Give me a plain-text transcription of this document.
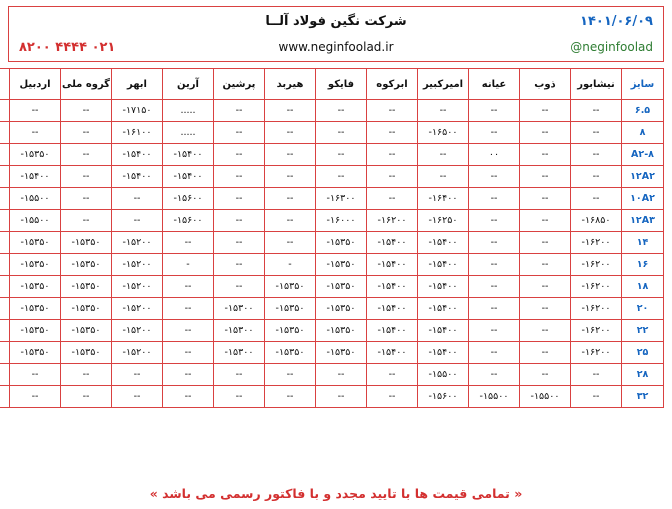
۱۴۰۱/۰۶/۰۹
شرکت نگین فولاد آ‌لـ‌ـا
@neginfoolad
www.neginfoolad.ir
۰۲۱ ۴۴۴۴ ۸۲۰۰
سایز	نیشابور	ذوب	عیانه	امیرکبیر	ابرکوه	فایکو	هیربد	پرشین	آرین	ابهر	گروه ملی	اردبیل	
۶.۵	--	--	--	--	--	--	--	--	.....	۱۷۱۵۰-	--	--	
۸	--	--	--	۱۶۵۰۰-	--	--	--	--	.....	۱۶۱۰۰-	--	--	
۸-A۲	--	--	۰۰	--	--	--	--	--	۱۵۴۰۰-	۱۵۴۰۰-	--	۱۵۳۵۰-	
۱۲A۲	--	--	--	--	--	--	--	--	۱۵۴۰۰-	۱۵۴۰۰-	--	۱۵۴۰۰-	
۱۰A۲	--	--	--	۱۶۴۰۰-	--	۱۶۳۰۰-	--	--	۱۵۶۰۰-	--	--	۱۵۵۰۰-	
۱۲A۳	۱۶۸۵۰-	--	--	۱۶۲۵۰-	۱۶۲۰۰-	۱۶۰۰۰-	--	--	۱۵۶۰۰-	--	--	۱۵۵۰۰-	
۱۴	۱۶۲۰۰-	--	--	۱۵۴۰۰-	۱۵۴۰۰-	۱۵۳۵۰-	--	--	--	۱۵۲۰۰-	۱۵۳۵۰-	۱۵۳۵۰-	
۱۶	۱۶۲۰۰-	--	--	۱۵۴۰۰-	۱۵۴۰۰-	۱۵۳۵۰-	-	--	-	۱۵۲۰۰-	۱۵۳۵۰-	۱۵۳۵۰-	
۱۸	۱۶۲۰۰-	--	--	۱۵۴۰۰-	۱۵۴۰۰-	۱۵۳۵۰-	۱۵۳۵۰-	--	--	۱۵۲۰۰-	۱۵۳۵۰-	۱۵۳۵۰-	
۲۰	۱۶۲۰۰-	--	--	۱۵۴۰۰-	۱۵۴۰۰-	۱۵۳۵۰-	۱۵۳۵۰-	۱۵۳۰۰-	--	۱۵۲۰۰-	۱۵۳۵۰-	۱۵۳۵۰-	
۲۲	۱۶۲۰۰-	--	--	۱۵۴۰۰-	۱۵۴۰۰-	۱۵۳۵۰-	۱۵۳۵۰-	۱۵۳۰۰-	--	۱۵۲۰۰-	۱۵۳۵۰-	۱۵۳۵۰-	
۲۵	۱۶۲۰۰-	--	--	۱۵۴۰۰-	۱۵۴۰۰-	۱۵۳۵۰-	۱۵۳۵۰-	۱۵۳۰۰-	--	۱۵۲۰۰-	۱۵۳۵۰-	۱۵۳۵۰-	
۲۸	--	--	--	۱۵۵۰۰-	--	--	--	--	--	--	--	--	
۳۲	--	۱۵۵۰۰-	۱۵۵۰۰-	۱۵۶۰۰-	--	--	--	--	--	--	--	--	
« تمامی قیمت ها با تایید مجدد و با فاکتور رسمی می باشد »
